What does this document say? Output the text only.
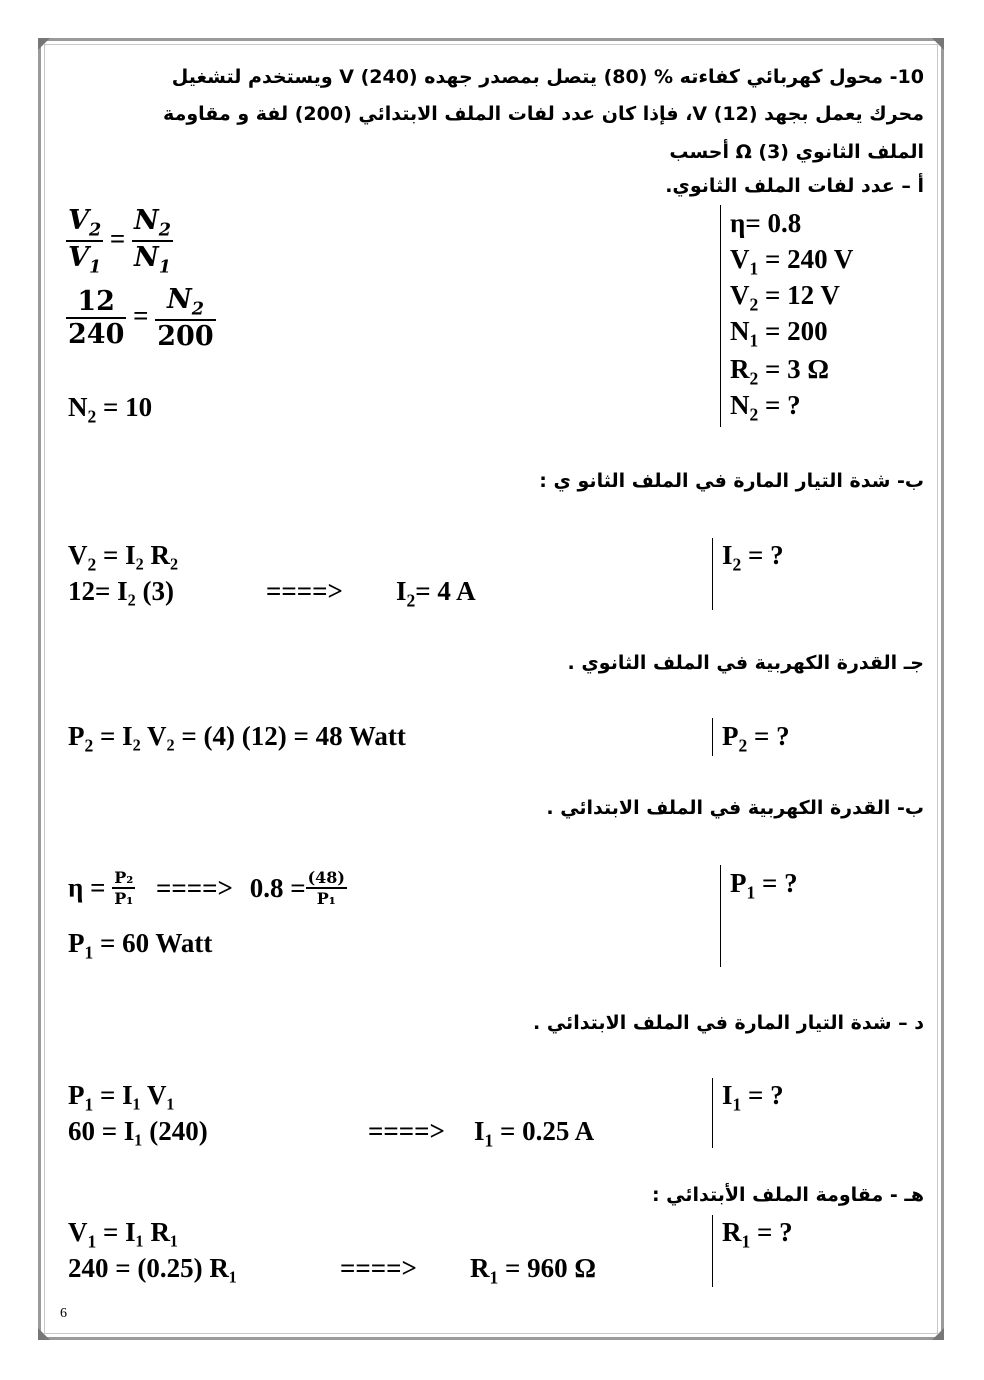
10- محول كهربائي كفاءته % (80) يتصل بمصدر جهده V (240) ويستخدم لتشغيل
محرك يعمل بجهد V (12)، فإذا كان عدد لفات الملف الابتدائي (200) لفة و مقاومة
الملف الثانوي Ω (3) أحسب
أ – عدد لفات الملف الثانوي.
η= 0.8
$V_1 = 240$ V
$V_2 = 12$ V
$N_1 = 200$
$R_2 = 3$ Ω
$N_2$ = ?
$\frac{V_2}{V_1} = \frac{N_2}{N_1}$
$\frac{12}{240} = \frac{N_2}{200}$
$N_2 = 10$
ب- شدة التيار المارة في الملف الثانو ي :
$I_2$ = ?
$V_2 = I_2$ R₂
12= I₂ (3)	====> $I_2= 4$ A
جـ القدرة الكهربية في الملف الثانوي .
$P_2$ = ?
$P_2 = I_2$ V₂ = (4) (12) = 48 Watt
ب- القدرة الكهربية في الملف الابتدائي .
$P_1$ = ?
$\eta = \frac{\text{P₂}}{\text{P₁}}$ ====> $0.8 = \frac{(48)}{\text{P₁}}$
$P_1 = 60$ Watt
د – شدة التيار المارة في الملف الابتدائي .
$I_1$ = ?
$P_1 = I_1$ V₁
60 = I₁ (240)	====> $I_1 = 0.25$ A
هـ - مقاومة الملف الأبتدائي :
$R_1$ = ?
$V_1 = I_1$ R₁
240 = (0.25) R₁	====> $R_1 = 960$ Ω
6
